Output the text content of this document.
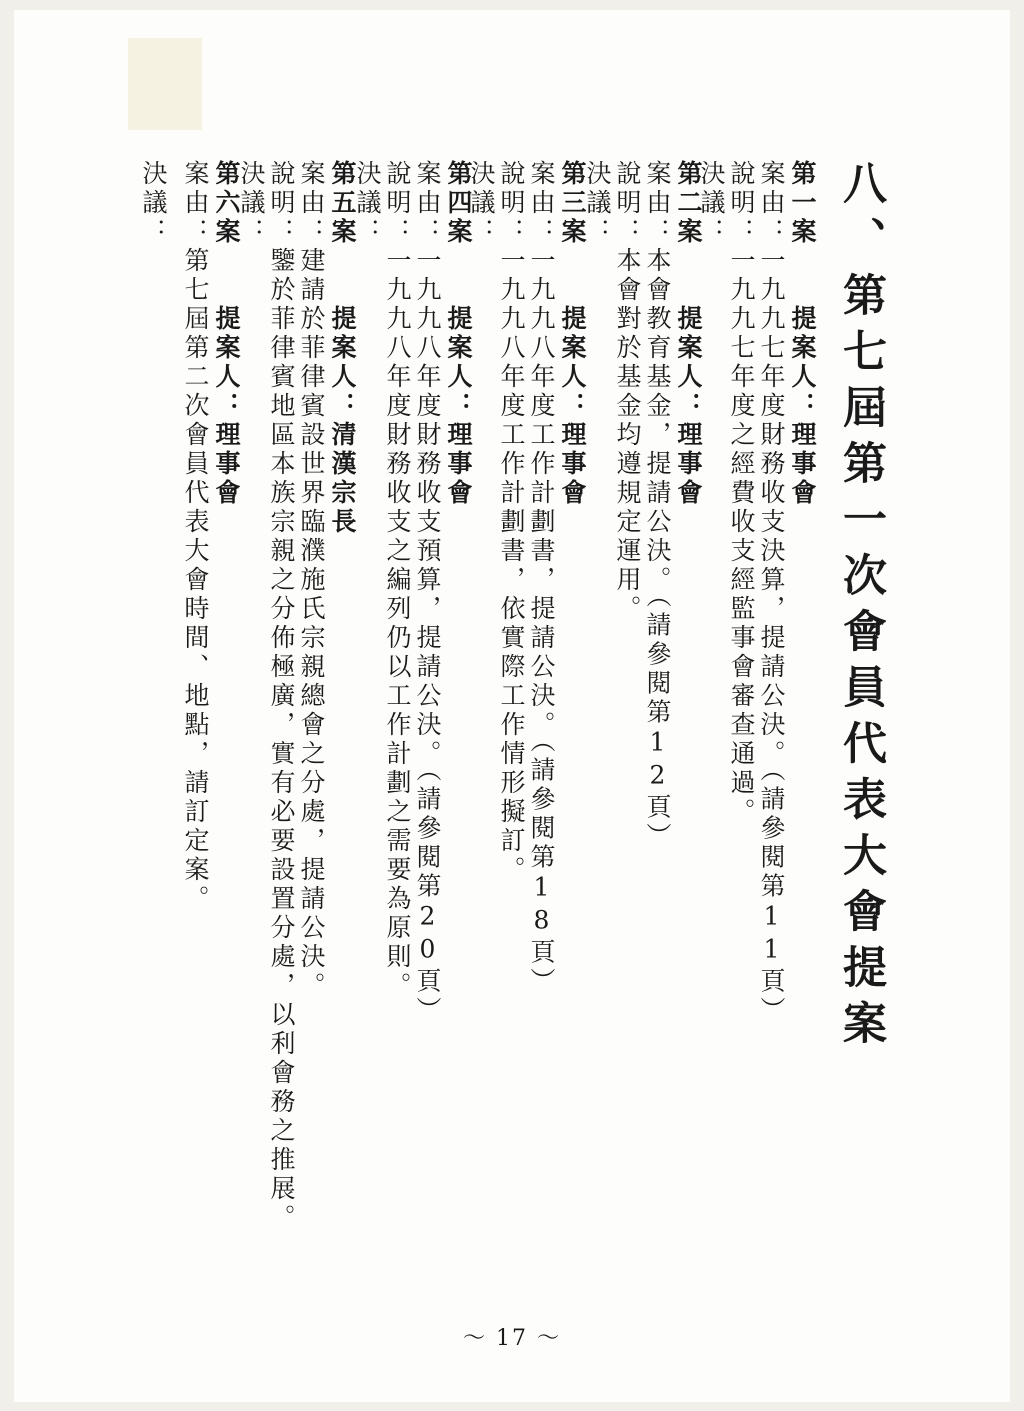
八、第七屆第一次會員代表大會提案
第一案　　提案人：理事會
案由：一九九七年度財務收支決算，提請公決。（請參閱第11頁）
說明：一九九七年度之經費收支經監事會審查通過。
決議：
第二案　　提案人：理事會
案由：本會教育基金，提請公決。（請參閱第12頁）
說明：本會對於基金均遵規定運用。
決議：
第三案　　提案人：理事會
案由：一九九八年度工作計劃書，提請公決。（請參閱第18頁）
說明：一九九八年度工作計劃書，依實際工作情形擬訂。
決議：
第四案　　提案人：理事會
案由：一九九八年度財務收支預算，提請公決。（請參閱第20頁）
說明：一九九八年度財務收支之編列仍以工作計劃之需要為原則。
決議：
第五案　　提案人：清漢宗長
案由：建請於菲律賓設世界臨濮施氏宗親總會之分處，提請公決。
說明：鑒於菲律賓地區本族宗親之分佈極廣，實有必要設置分處，以利會務之推展。
決議：
第六案　　提案人：理事會
案由：第七屆第二次會員代表大會時間、地點，請訂定案。
決議：
～ 17 ～
